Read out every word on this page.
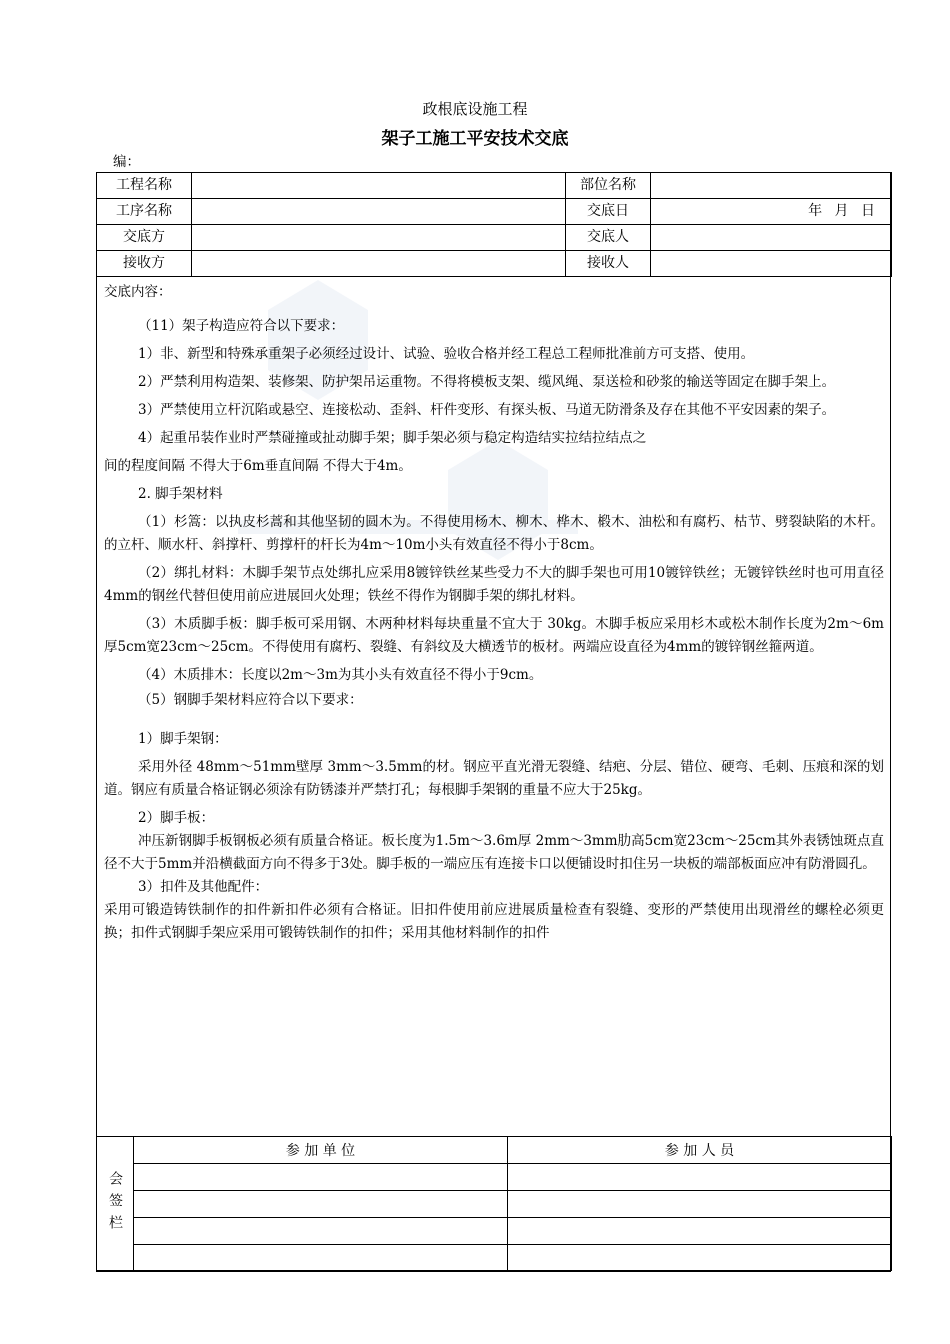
政根底设施工程
架子工施工平安技术交底
编：
工程名称		部位名称	
工序名称		交底日	年 月 日
交底方		交底人	
接收方		接收人	

交底内容：

（11）架子构造应符合以下要求：

1）非、新型和特殊承重架子必须经过设计、试验、验收合格并经工程总工程师批准前方可支搭、使用。

2）严禁利用构造架、装修架、防护架吊运重物。不得将模板支架、缆风绳、泵送检和砂浆的输送等固定在脚手架上。

3）严禁使用立杆沉陷或悬空、连接松动、歪斜、杆件变形、有探头板、马道无防滑条及存在其他不平安因素的架子。

4）起重吊装作业时严禁碰撞或扯动脚手架；脚手架必须与稳定构造结实拉结拉结点之

间的程度间隔 不得大于6m垂直间隔 不得大于4m。

2. 脚手架材料

（1）杉篙：以执皮杉蒿和其他坚韧的圆木为。不得使用杨木、柳木、桦木、椴木、油松和有腐朽、枯节、劈裂缺陷的木杆。的立杆、顺水杆、斜撑杆、剪撑杆的杆长为4m～10m小头有效直径不得小于8cm。

（2）绑扎材料：木脚手架节点处绑扎应采用8镀锌铁丝某些受力不大的脚手架也可用10镀锌铁丝；无镀锌铁丝时也可用直径4mm的钢丝代替但使用前应进展回火处理；铁丝不得作为钢脚手架的绑扎材料。

（3）木质脚手板：脚手板可采用钢、木两种材料每块重量不宜大于 30kg。木脚手板应采用杉木或松木制作长度为2m～6m厚5cm宽23cm～25cm。不得使用有腐朽、裂缝、有斜纹及大横透节的板材。两端应设直径为4mm的镀锌钢丝箍两道。

（4）木质排木：长度以2m～3m为其小头有效直径不得小于9cm。

（5）钢脚手架材料应符合以下要求：

1）脚手架钢：

采用外径 48mm～51mm壁厚 3mm～3.5mm的材。钢应平直光滑无裂缝、结疤、分层、错位、硬弯、毛刺、压痕和深的划道。钢应有质量合格证钢必须涂有防锈漆并严禁打孔；每根脚手架钢的重量不应大于25kg。

2）脚手板：

冲压新钢脚手板钢板必须有质量合格证。板长度为1.5m～3.6m厚 2mm～3mm肋高5cm宽23cm～25cm其外表锈蚀斑点直径不大于5mm并沿横截面方向不得多于3处。脚手板的一端应压有连接卡口以便铺设时扣住另一块板的端部板面应冲有防滑圆孔。

3）扣件及其他配件：

采用可锻造铸铁制作的扣件新扣件必须有合格证。旧扣件使用前应进展质量检查有裂缝、变形的严禁使用出现滑丝的螺栓必须更换；扣件式钢脚手架应采用可锻铸铁制作的扣件；采用其他材料制作的扣件

会签栏	参 加 单 位	参 加 人 员
